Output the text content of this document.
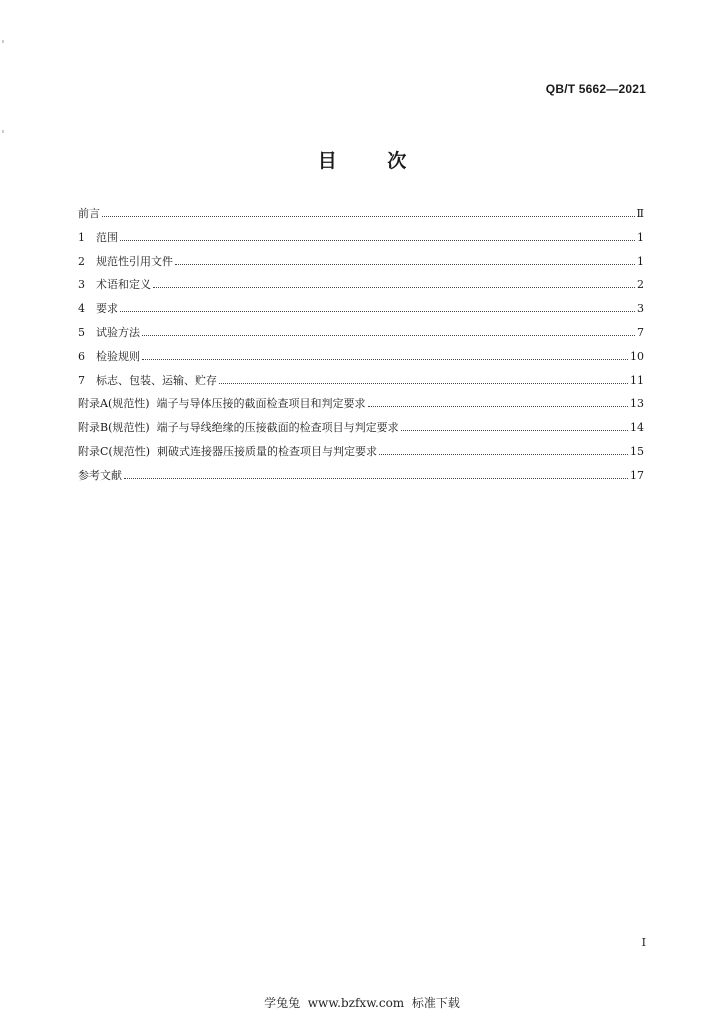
QB/T 5662—2021
目 次
前言	Ⅱ
1	范围	1
2	规范性引用文件	1
3	术语和定义	2
4	要求	3
5	试验方法	7
6	检验规则	10
7	标志、包装、运输、贮存	11
附录A(规范性)  端子与导体压接的截面检查项目和判定要求	13
附录B(规范性)  端子与导线绝缘的压接截面的检查项目与判定要求	14
附录C(规范性)  刺破式连接器压接质量的检查项目与判定要求	15
参考文献	17
I
学兔兔  www.bzfxw.com  标准下载
